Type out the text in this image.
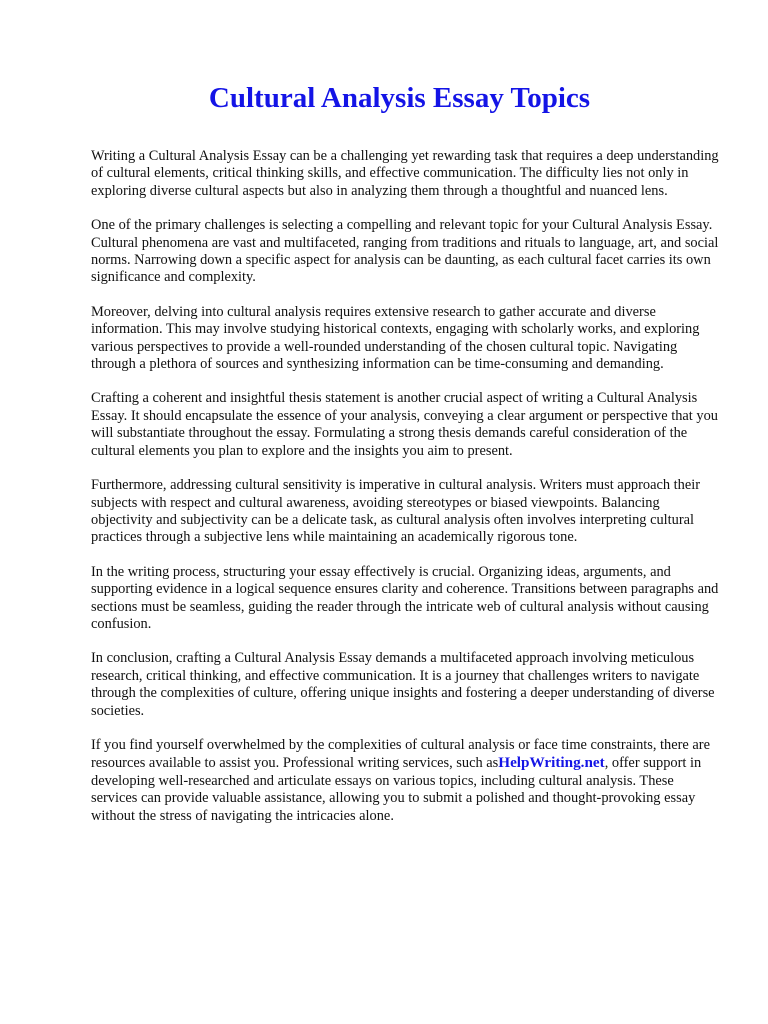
Cultural Analysis Essay Topics

Writing a Cultural Analysis Essay can be a challenging yet rewarding task that requires a deep understanding of cultural elements, critical thinking skills, and effective communication. The difficulty lies not only in exploring diverse cultural aspects but also in analyzing them through a thoughtful and nuanced lens.

One of the primary challenges is selecting a compelling and relevant topic for your Cultural Analysis Essay. Cultural phenomena are vast and multifaceted, ranging from traditions and rituals to language, art, and social norms. Narrowing down a specific aspect for analysis can be daunting, as each cultural facet carries its own significance and complexity.

Moreover, delving into cultural analysis requires extensive research to gather accurate and diverse information. This may involve studying historical contexts, engaging with scholarly works, and exploring various perspectives to provide a well-rounded understanding of the chosen cultural topic. Navigating through a plethora of sources and synthesizing information can be time-consuming and demanding.

Crafting a coherent and insightful thesis statement is another crucial aspect of writing a Cultural Analysis Essay. It should encapsulate the essence of your analysis, conveying a clear argument or perspective that you will substantiate throughout the essay. Formulating a strong thesis demands careful consideration of the cultural elements you plan to explore and the insights you aim to present.

Furthermore, addressing cultural sensitivity is imperative in cultural analysis. Writers must approach their subjects with respect and cultural awareness, avoiding stereotypes or biased viewpoints. Balancing objectivity and subjectivity can be a delicate task, as cultural analysis often involves interpreting cultural practices through a subjective lens while maintaining an academically rigorous tone.

In the writing process, structuring your essay effectively is crucial. Organizing ideas, arguments, and supporting evidence in a logical sequence ensures clarity and coherence. Transitions between paragraphs and sections must be seamless, guiding the reader through the intricate web of cultural analysis without causing confusion.

In conclusion, crafting a Cultural Analysis Essay demands a multifaceted approach involving meticulous research, critical thinking, and effective communication. It is a journey that challenges writers to navigate through the complexities of culture, offering unique insights and fostering a deeper understanding of diverse societies.

If you find yourself overwhelmed by the complexities of cultural analysis or face time constraints, there are resources available to assist you. Professional writing services, such asHelpWriting.net, offer support in developing well-researched and articulate essays on various topics, including cultural analysis. These services can provide valuable assistance, allowing you to submit a polished and thought-provoking essay without the stress of navigating the intricacies alone.
